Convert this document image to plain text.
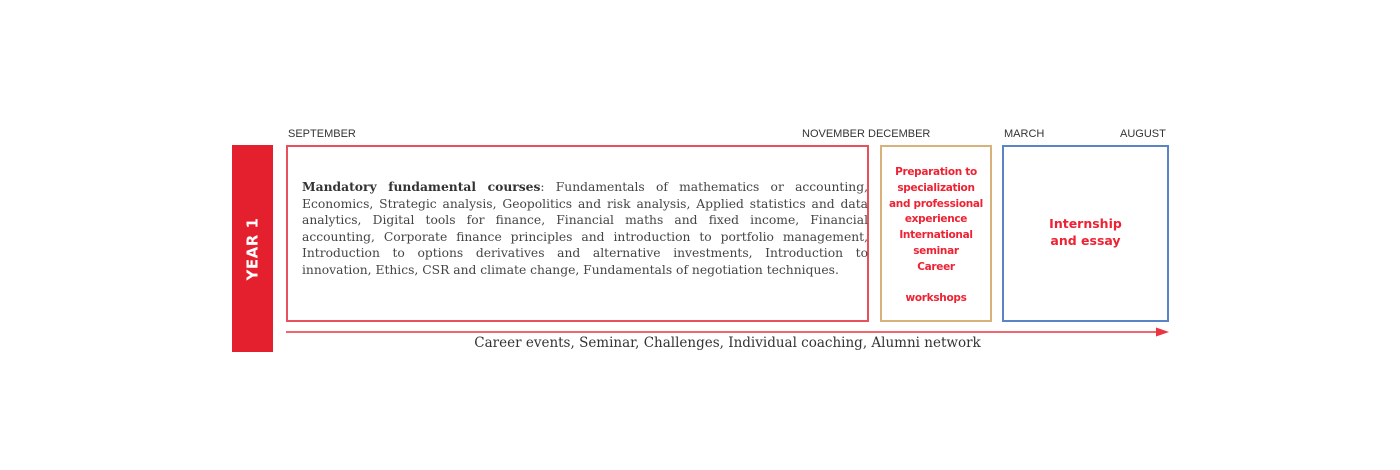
YEAR 1
SEPTEMBER	NOVEMBER DECEMBER	MARCH	AUGUST
Mandatory fundamental courses: Fundamentals of mathematics or accounting, Economics, Strategic analysis, Geopolitics and risk analysis, Applied statistics and data analytics, Digital tools for finance, Financial maths and fixed income, Financial accounting, Corporate finance principles and introduction to portfolio management, Introduction to options derivatives and alternative investments, Introduction to innovation, Ethics, CSR and climate change, Fundamentals of negotiation techniques.
Preparation to
specialization
and professional
experience
International
seminar
Career

workshops
Internship
and essay
Career events, Seminar, Challenges, Individual coaching, Alumni network
